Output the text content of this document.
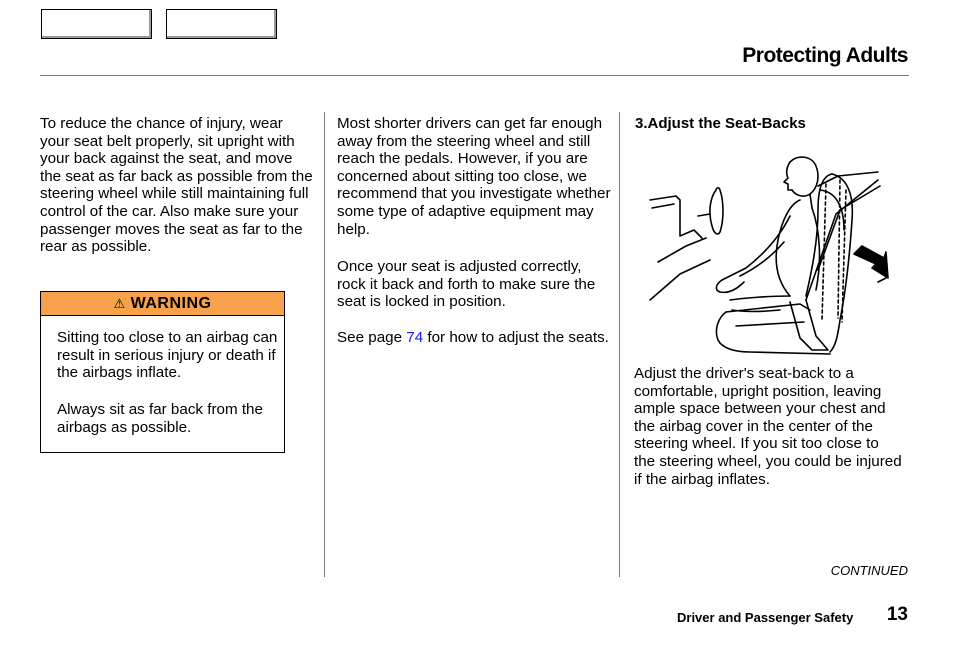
Protecting Adults
To reduce the chance of injury, wear your seat belt properly, sit upright with your back against the seat, and move the seat as far back as possible from the steering wheel while still maintaining full control of the car. Also make sure your passenger moves the seat as far to the rear as possible.
⚠ WARNING
Sitting too close to an airbag can result in serious injury or death if the airbags inflate.
Always sit as far back from the airbags as possible.
Most shorter drivers can get far enough away from the steering wheel and still reach the pedals. However, if you are concerned about sitting too close, we recommend that you investigate whether some type of adaptive equipment may help.
Once your seat is adjusted correctly, rock it back and forth to make sure the seat is locked in position.
See page 74 for how to adjust the seats.
3.Adjust the Seat-Backs
Adjust the driver's seat-back to a comfortable, upright position, leaving ample space between your chest and the airbag cover in the center of the steering wheel. If you sit too close to the steering wheel, you could be injured if the airbag inflates.
CONTINUED
Driver and Passenger Safety 13
